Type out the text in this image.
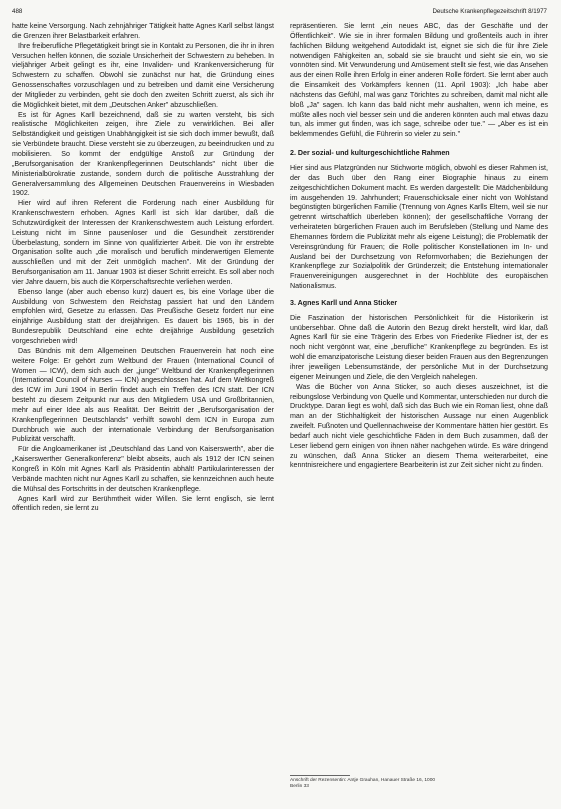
488	Deutsche Krankenpflegezeitschrift 8/1977

hatte keine Versorgung. Nach zehnjähriger Tätigkeit hatte Agnes Karll selbst längst die Grenzen ihrer Belastbarkeit erfahren.

Ihre freiberufliche Pflegetätigkeit bringt sie in Kontakt zu Personen, die ihr in ihren Versuchen helfen können, die soziale Unsicherheit der Schwestern zu beheben. In vieljähriger Arbeit gelingt es ihr, eine Invaliden- und Krankenversicherung für Schwestern zu schaffen. Obwohl sie zunächst nur hat, die Gründung eines Genossenschaftes vorzuschlagen und zu betreiben und damit eine Versicherung der Mitglieder zu verbinden, geht sie doch den zweiten Schritt zuerst, als sich ihr die Möglichkeit bietet, mit dem „Deutschen Anker" abzuschließen.

Es ist für Agnes Karll bezeichnend, daß sie zu warten versteht, bis sich realistische Möglichkeiten zeigen, ihre Ziele zu verwirklichen. Bei aller Selbständigkeit und geistigen Unabhängigkeit ist sie sich doch immer bewußt, daß sie Verbündete braucht. Diese versteht sie zu überzeugen, zu beeindrucken und zu mobilisieren. So kommt der endgültige Anstoß zur Gründung der „Berufsorganisation der Krankenpflegerinnen Deutschlands" nicht über die Ministerialbürokratie zustande, sondern durch die politische Ausstrahlung der Generalversammlung des Allgemeinen Deutschen Frauenvereins in Wiesbaden 1902.

Hier wird auf ihren Referent die Forderung nach einer Ausbildung für Krankenschwestern erhoben. Agnes Karll ist sich klar darüber, daß die Schutzwürdigkeit der Interessen der Krankenschwestern auch Leistung erfordert. Leistung nicht im Sinne pausenloser und die Gesundheit zerstörender Überbelastung, sondern im Sinne von qualifizierter Arbeit. Die von ihr erstrebte Organisation sollte auch „die moralisch und beruflich minderwertigen Elemente ausschließen und mit der Zeit unmöglich machen". Mit der Gründung der Berufsorganisation am 11. Januar 1903 ist dieser Schritt erreicht. Es soll aber noch vier Jahre dauern, bis auch die Körperschaftsrechte verliehen werden.

Ebenso lange (aber auch ebenso kurz) dauert es, bis eine Vorlage über die Ausbildung von Schwestern den Reichstag passiert hat und den Ländern empfohlen wird, Gesetze zu erlassen. Das Preußische Gesetz fordert nur eine einjährige Ausbildung statt der dreijährigen. Es dauert bis 1965, bis in der Bundesrepublik Deutschland eine echte dreijährige Ausbildung gesetzlich vorgeschrieben wird!

Das Bündnis mit dem Allgemeinen Deutschen Frauenverein hat noch eine weitere Folge: Er gehört zum Weltbund der Frauen (International Council of Women — ICW), dem sich auch der „junge" Weltbund der Krankenpflegerinnen (International Council of Nurses — ICN) angeschlossen hat. Auf dem Weltkongreß des ICW im Juni 1904 in Berlin findet auch ein Treffen des ICN statt. Der ICN besteht zu diesem Zeitpunkt nur aus den Mitgliedern USA und Großbritannien, mehr auf einer Idee als aus Realität. Der Beitritt der „Berufsorganisation der Krankenpflegerinnen Deutschlands" verhilft sowohl dem ICN in Europa zum Durchbruch wie auch der internationale Verbindung der Berufsorganisation Publizität verschafft.

Für die Angloamerikaner ist „Deutschland das Land von Kaiserswerth", aber die „Kaiserswerther Generalkonferenz" bleibt abseits, auch als 1912 der ICN seinen Kongreß in Köln mit Agnes Karll als Präsidentin abhält! Partikularinteressen der Verbände machten nicht nur Agnes Karll zu schaffen, sie kennzeichnen auch heute die Mühsal des Fortschritts in der deutschen Krankenpflege.

Agnes Karll wird zur Berühmtheit wider Willen. Sie lernt englisch, sie lernt öffentlich reden, sie lernt zu

repräsentieren. Sie lernt „ein neues ABC, das der Geschäfte und der Öffentlichkeit". Wie sie in ihrer formalen Bildung und großenteils auch in ihrer fachlichen Bildung weitgehend Autodidakt ist, eignet sie sich die für ihre Ziele notwendigen Fähigkeiten an, sobald sie sie braucht und sieht sie ein, wo sie vonnöten sind. Mit Verwunderung und Amüsement stellt sie fest, wie das Ansehen aus der einen Rolle ihren Erfolg in einer anderen Rolle fördert. Sie lernt aber auch die Einsamkeit des Vorkämpfers kennen (11. April 1903): „Ich habe aber nächstens das Gefühl, mal was ganz Törichtes zu schreiben, damit mal nicht alle bloß „Ja" sagen. Ich kann das bald nicht mehr aushalten, wenn ich meine, es müßte alles noch viel besser sein und die anderen könnten auch mal etwas dazu tun, als immer gut finden, was ich sage, schreibe oder tue." — „Aber es ist ein beklemmendes Gefühl, die Führerin so vieler zu sein."

2. Der sozial- und kulturgeschichtliche Rahmen

Hier sind aus Platzgründen nur Stichworte möglich, obwohl es dieser Rahmen ist, der das Buch über den Rang einer Biographie hinaus zu einem zeitgeschichtlichen Dokument macht. Es werden dargestellt: Die Mädchenbildung im ausgehenden 19. Jahrhundert; Frauenschicksale einer nicht von Wohlstand begünstigten bürgerlichen Familie (Trennung von Agnes Karlls Eltern, weil sie nur getrennt wirtschaftlich überleben können); der gesellschaftliche Vorrang der verheirateten bürgerlichen Frauen auch im Berufsleben (Stellung und Name des Ehemannes fördern die Publizität mehr als eigene Leistung); die Problematik der Vereinsgründung für Frauen; die Rolle politischer Konstellationen im In- und Ausland bei der Durchsetzung von Reformvorhaben; die Beziehungen der Krankenpflege zur Sozialpolitik der Gründerzeit; die Entstehung internationaler Frauenvereinigungen ausgerechnet in der Hochblüte des europäischen Nationalismus.

3. Agnes Karll und Anna Sticker

Die Faszination der historischen Persönlichkeit für die Historikerin ist unübersehbar. Ohne daß die Autorin den Bezug direkt herstellt, wird klar, daß Agnes Karll für sie eine Trägerin des Erbes von Friederike Fliedner ist, der es noch nicht vergönnt war, eine „berufliche" Krankenpflege zu begründen. Es ist wohl die emanzipatorische Leistung dieser beiden Frauen aus den Begrenzungen ihrer jeweiligen Lebensumstände, der persönliche Mut in der Durchsetzung eigener Meinungen und Ziele, die den Vergleich nahelegen.

Was die Bücher von Anna Sticker, so auch dieses auszeichnet, ist die reibungslose Verbindung von Quelle und Kommentar, unterschieden nur durch die Drucktype. Daran liegt es wohl, daß sich das Buch wie ein Roman liest, ohne daß man an der Stichhaltigkeit der historischen Aussage nur einen Augenblick zweifelt. Fußnoten und Quellennachweise der Kommentare hätten hier gestört. Es bedarf auch nicht viele geschichtliche Fäden in dem Buch zusammen, daß der Leser liebend gern einigen von ihnen näher nachgehen würde. Es wäre dringend zu wünschen, daß Anna Sticker an diesem Thema weiterarbeitet, eine kenntnisreichere und engagiertere Bearbeiterin ist zur Zeit sicher nicht zu finden.

Anschrift der Rezensentin: Antje Grauhan, Hanauer Straße 16, 1000 Berlin 33
